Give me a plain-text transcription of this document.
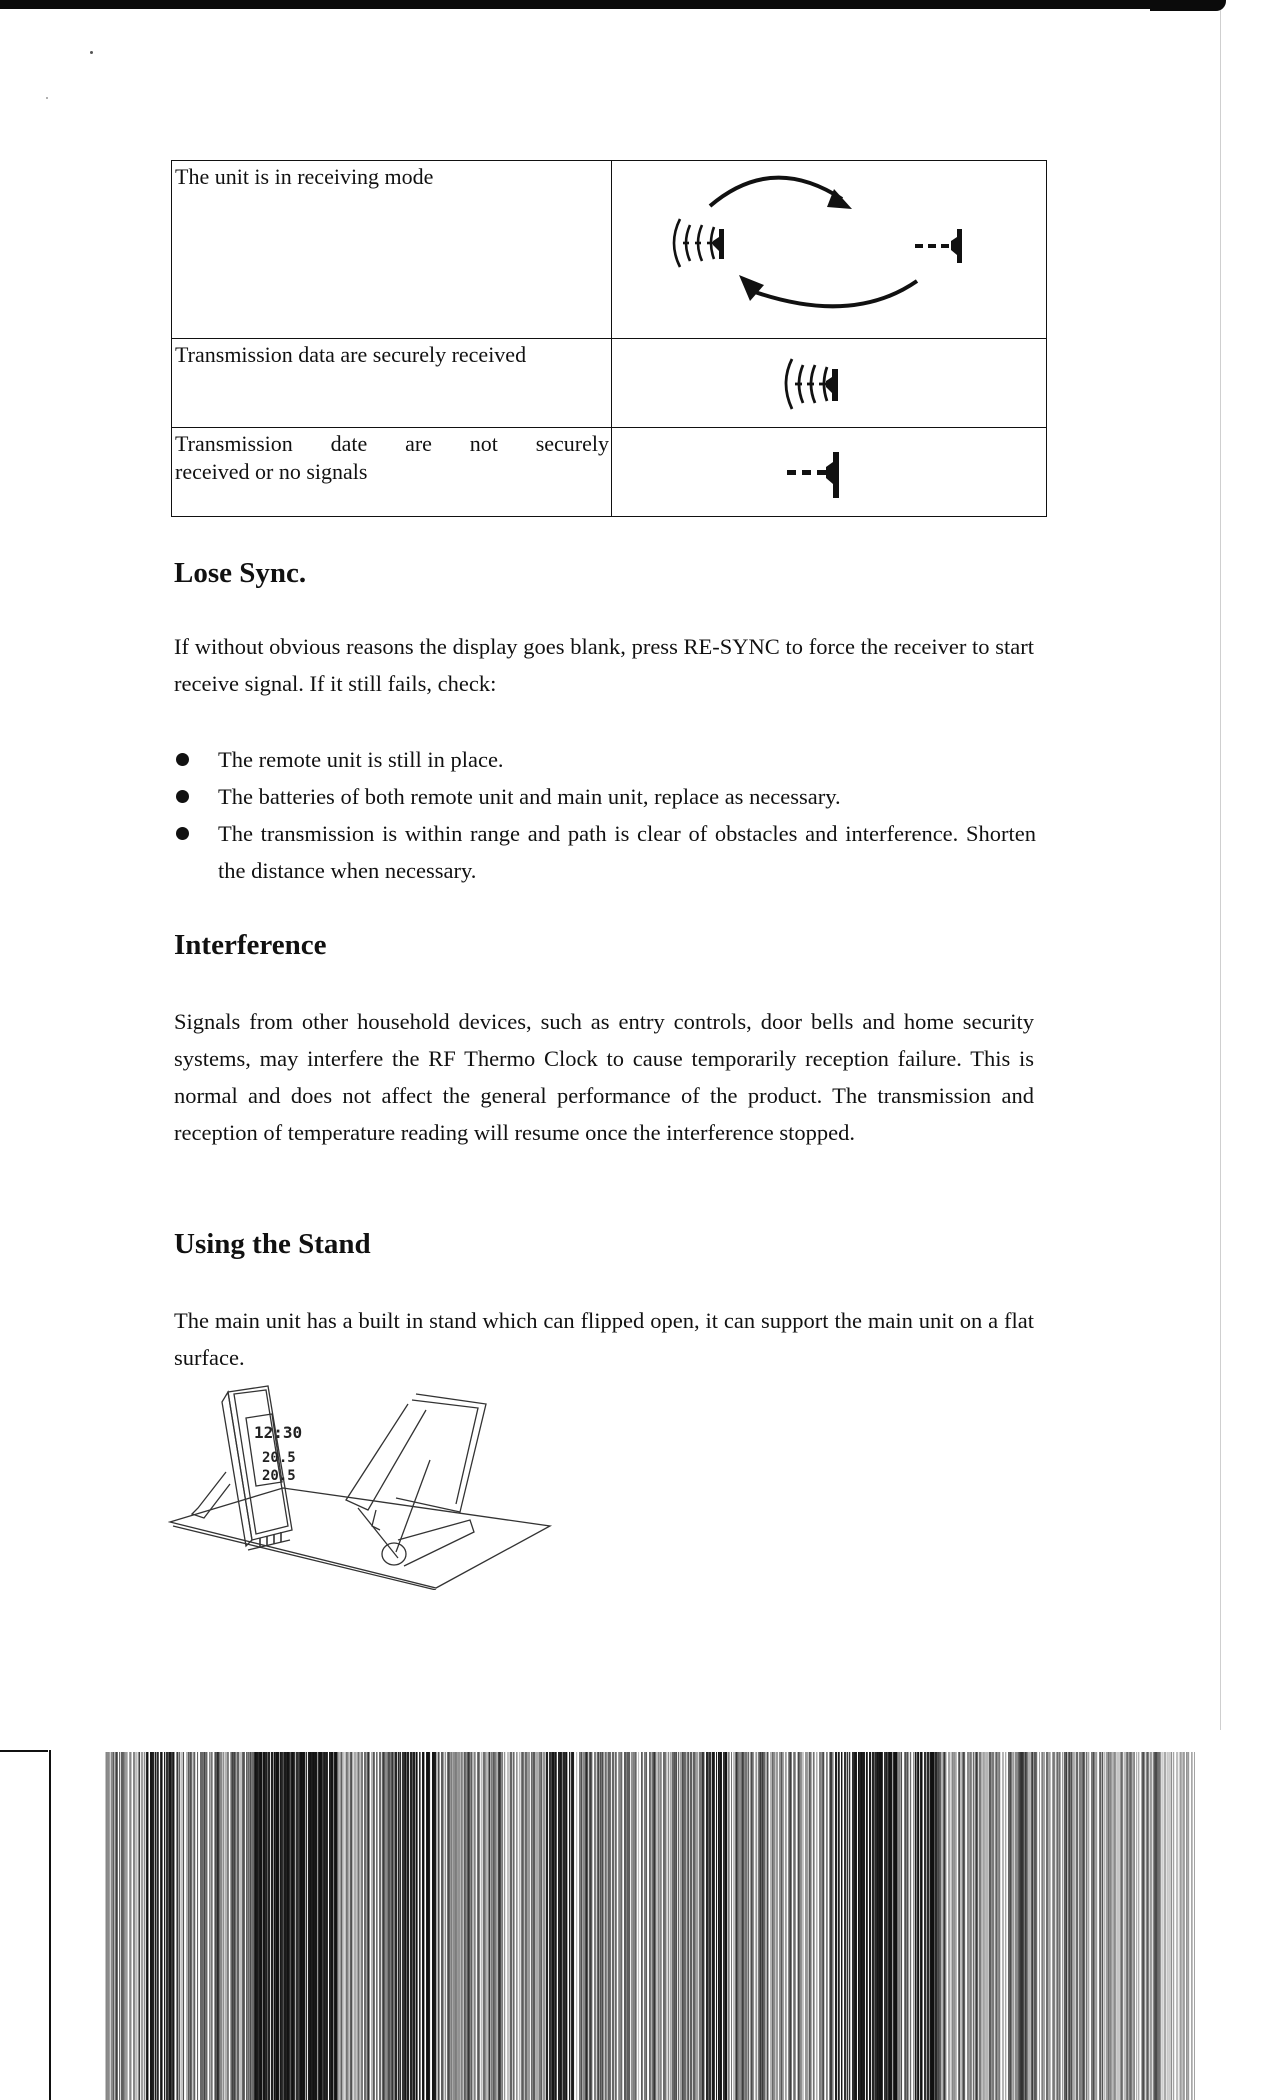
The unit is in receiving mode	

Transmission data are securely received	

Transmission date are not securely
received or no signals	
Lose Sync.

If without obvious reasons the display goes blank, press RE-SYNC to force the receiver to start receive signal. If it still fails, check:

The remote unit is still in place.
The batteries of both remote unit and main unit, replace as necessary.
The transmission is within range and path is clear of obstacles and interference. Shorten the distance when necessary.
Interference

Signals from other household devices, such as entry controls, door bells and home security systems, may interfere the RF Thermo Clock to cause temporarily reception failure. This is normal and does not affect the general performance of the product. The transmission and reception of temperature reading will resume once the interference stopped.

Using the Stand

The main unit has a built in stand which can flipped open, it can support the main unit on a flat surface.

12:30
20.5
20.5
